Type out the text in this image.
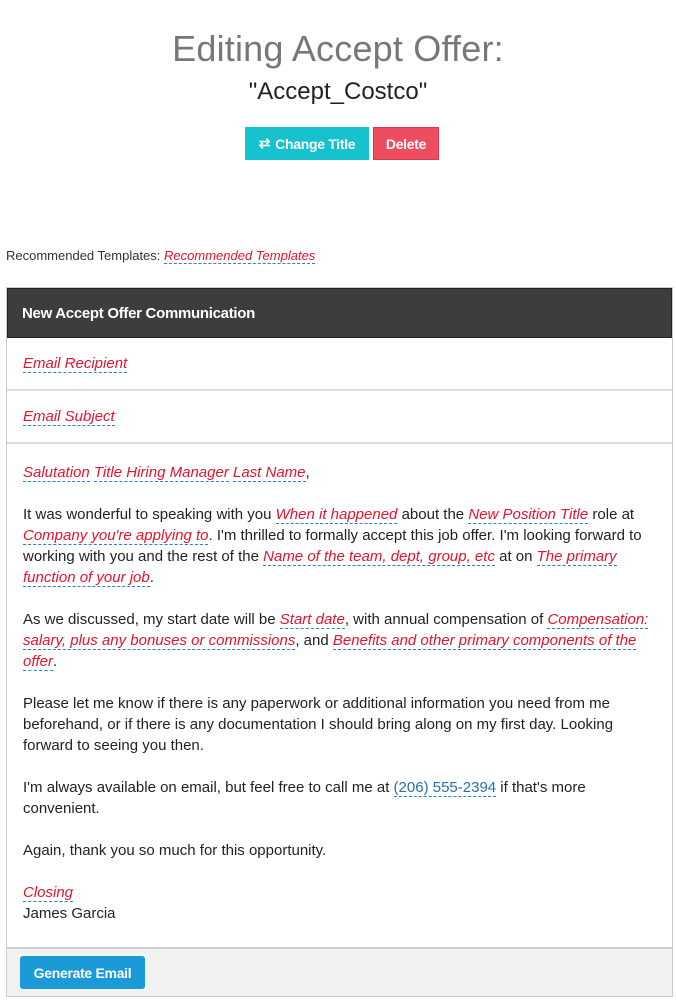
Editing Accept Offer:
"Accept_Costco"
⇄ Change Title	Delete
Recommended Templates: Recommended Templates
New Accept Offer Communication
Email Recipient
Email Subject

Salutation Title Hiring Manager Last Name,

It was wonderful to speaking with you When it happened about the New Position Title role at Company you're applying to. I'm thrilled to formally accept this job offer. I'm looking forward to working with you and the rest of the Name of the team, dept, group, etc at on The primary function of your job.

As we discussed, my start date will be Start date, with annual compensation of Compensation: salary, plus any bonuses or commissions, and Benefits and other primary components of the offer.

Please let me know if there is any paperwork or additional information you need from me beforehand, or if there is any documentation I should bring along on my first day. Looking forward to seeing you then.

I'm always available on email, but feel free to call me at (206) 555-2394 if that's more convenient.

Again, thank you so much for this opportunity.

Closing

James Garcia

Generate Email
